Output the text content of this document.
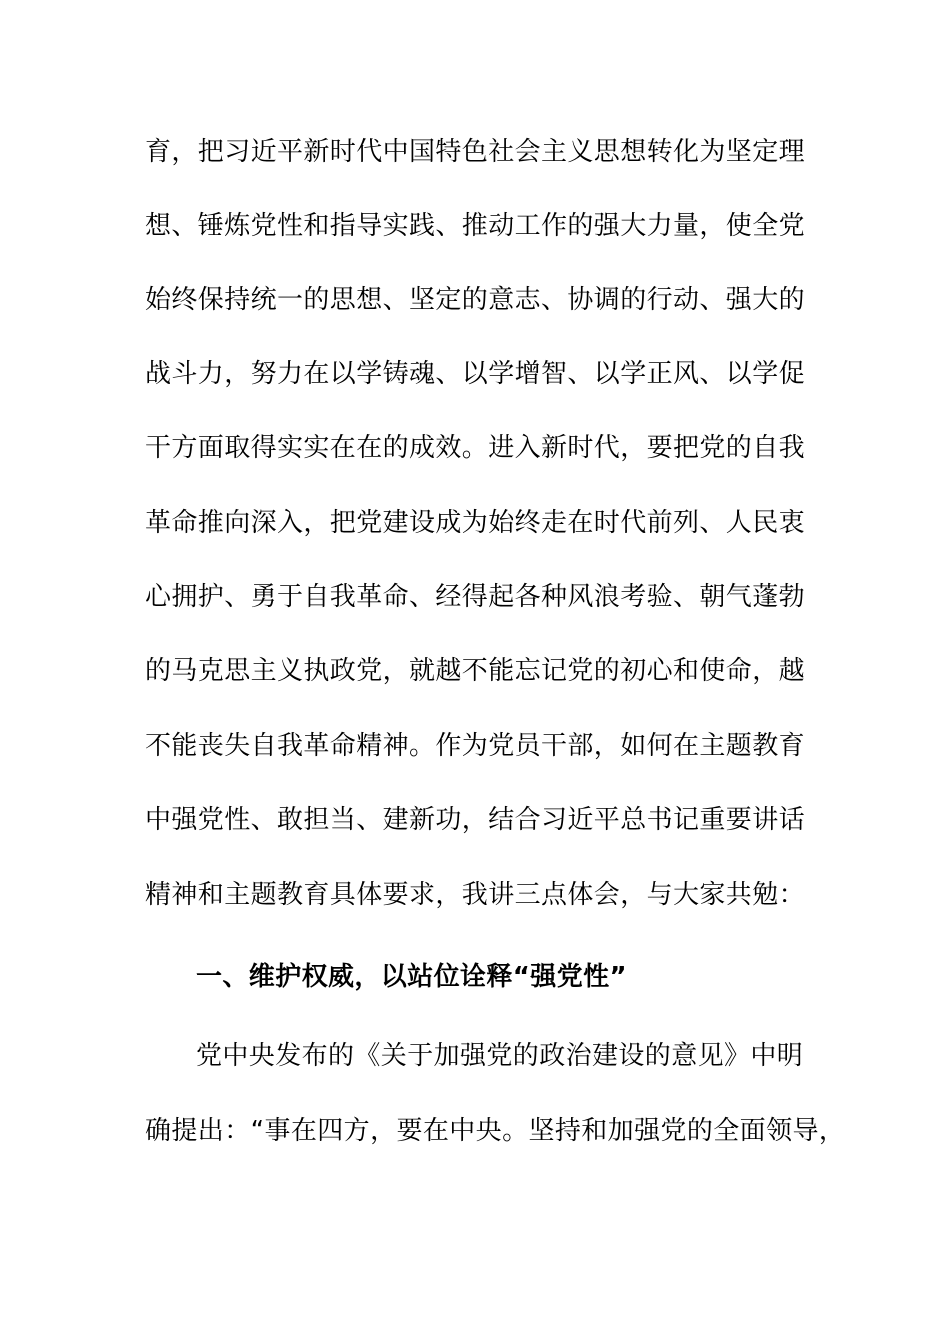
育，把习近平新时代中国特色社会主义思想转化为坚定理
想、锤炼党性和指导实践、推动工作的强大力量，使全党
始终保持统一的思想、坚定的意志、协调的行动、强大的
战斗力，努力在以学铸魂、以学增智、以学正风、以学促
干方面取得实实在在的成效。进入新时代，要把党的自我
革命推向深入，把党建设成为始终走在时代前列、人民衷
心拥护、勇于自我革命、经得起各种风浪考验、朝气蓬勃
的马克思主义执政党，就越不能忘记党的初心和使命，越
不能丧失自我革命精神。作为党员干部，如何在主题教育
中强党性、敢担当、建新功，结合习近平总书记重要讲话
精神和主题教育具体要求，我讲三点体会，与大家共勉：
一、维护权威，以站位诠释“强党性”
党中央发布的《关于加强党的政治建设的意见》中明
确提出：“事在四方，要在中央。坚持和加强党的全面领导，
